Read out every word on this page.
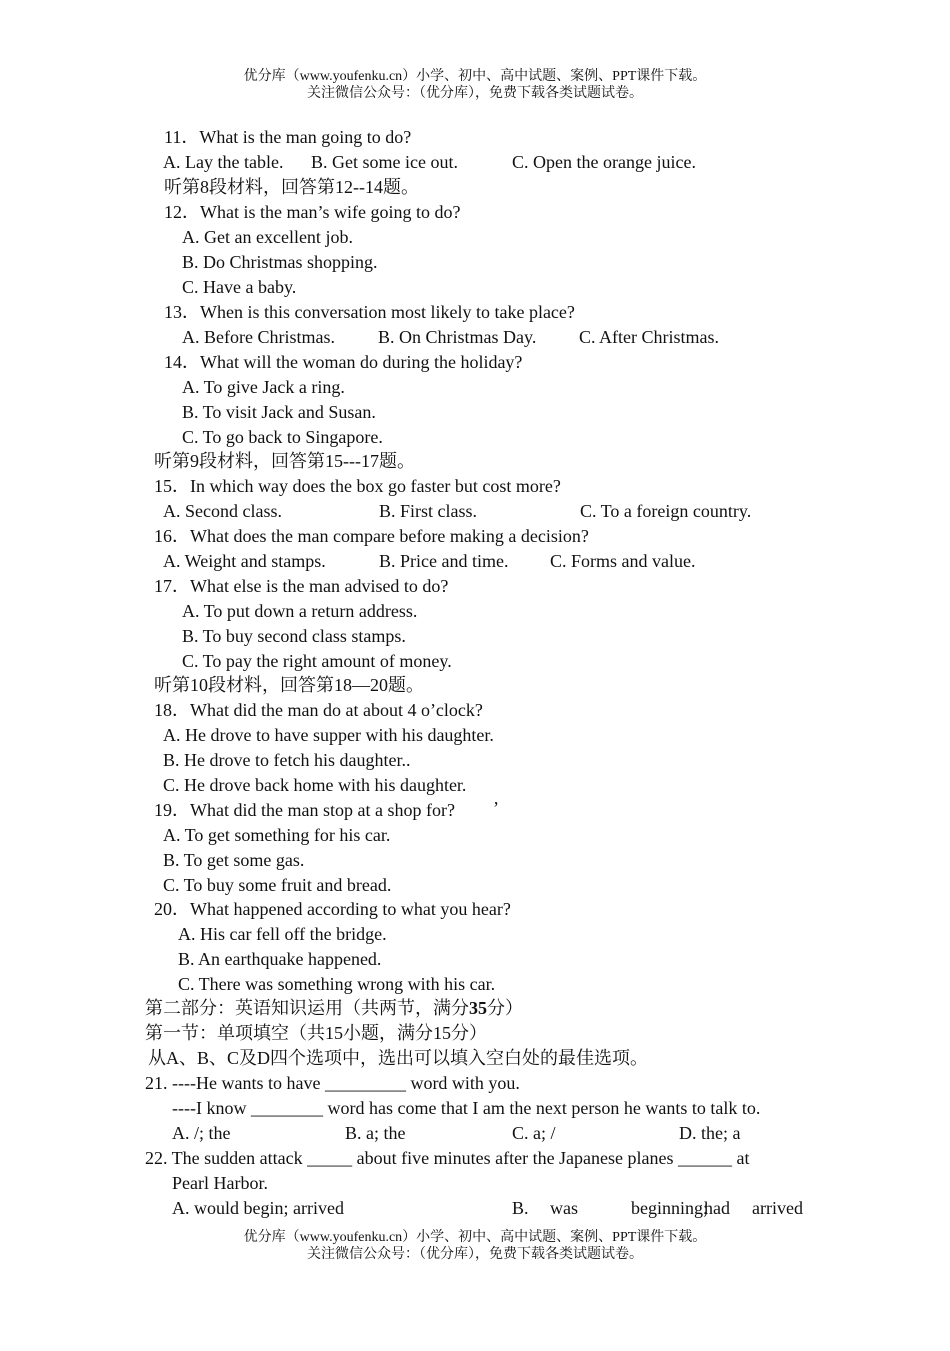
优分库（www.youfenku.cn）小学、初中、高中试题、案例、PPT课件下载。
关注微信公众号：（优分库），免费下载各类试题试卷。
11．What is the man going to do?

A. Lay the table.

B. Get some ice out.

	C. Open the orange juice.

听第8段材料，回答第12--14题。
12．What is the man’s wife going to do?
A. Get an excellent job.
B. Do Christmas shopping.
C. Have a baby.
13．When is this conversation most likely to take place?

A. Before Christmas.

B. On Christmas Day.

C. After Christmas.

14．What will the woman do during the holiday?
A. To give Jack a ring.
B. To visit Jack and Susan.
C. To go back to Singapore.
听第9段材料，回答第15---17题。
15．In which way does the box go faster but cost more?

A. Second class.

	B. First class.

	C. To a foreign country.

16．What does the man compare before making a decision?

A. Weight and stamps.

	B. Price and time.

C. Forms and value.

17．What else is the man advised to do?
A. To put down a return address.
B. To buy second class stamps.
C. To pay the right amount of money.
听第10段材料，回答第18—20题。
18．What did the man do at about 4 o’clock?
A. He drove to have supper with his daughter.
B. He drove to fetch his daughter..
C. He drove back home with his daughter.
19．What did the man stop at a shop for? ’
A. To get something for his car.
B. To get some gas.
C. To buy some fruit and bread.
20．What happened according to what you hear?
A. His car fell off the bridge.
B. An earthquake happened.
C. There was something wrong with his car.
第二部分：英语知识运用（共两节，满分35分）
第一节：单项填空（共15小题，满分15分）
从A、B、C及D四个选项中，选出可以填入空白处的最佳选项。
21. ----He wants to have _________ word with you.
----I know ________ word has come that I am the next person he wants to talk to.

A. /; the

	B. a; the

	C. a; /

	D. the; a

22. The sudden attack _____ about five minutes after the Japanese planes ______ at
Pearl Harbor.

A. would begin; arrived

	B.

was

	beginning;

had

arrived

优分库（www.youfenku.cn）小学、初中、高中试题、案例、PPT课件下载。
关注微信公众号：（优分库），免费下载各类试题试卷。
